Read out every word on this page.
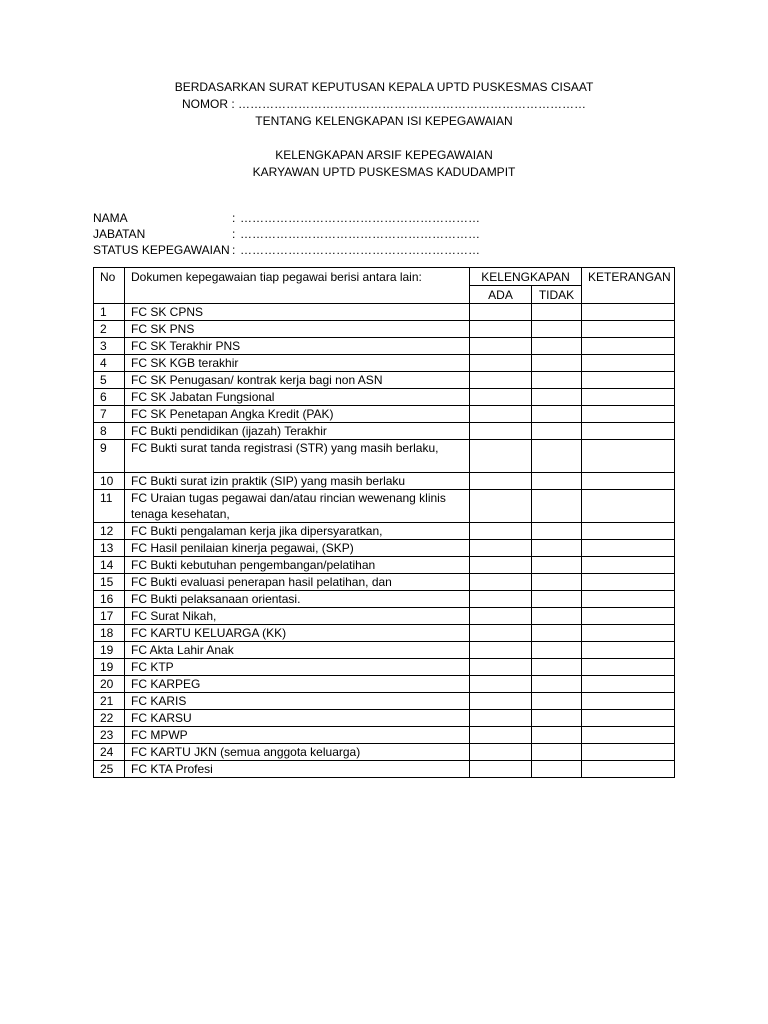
BERDASARKAN SURAT KEPUTUSAN KEPALA UPTD PUSKESMAS CISAAT
NOMOR : ……………………………………………………………………………
TENTANG KELENGKAPAN ISI KEPEGAWAIAN
KELENGKAPAN ARSIF KEPEGAWAIAN
KARYAWAN UPTD PUSKESMAS KADUDAMPIT
NAMA	: ……………………………………………………
JABATAN	: ……………………………………………………
STATUS KEPEGAWAIAN : ……………………………………………………
No	Dokumen kepegawaian tiap pegawai berisi antara lain:	KELENGKAPAN		KETERANGAN
		ADA	TIDAK	
1	FC SK CPNS			
2	FC SK PNS			
3	FC SK Terakhir PNS			
4	FC SK KGB terakhir			
5	FC SK Penugasan/ kontrak kerja bagi non ASN			
6	FC SK Jabatan Fungsional			
7	FC SK Penetapan Angka Kredit (PAK)			
8	FC Bukti pendidikan (ijazah) Terakhir			
9	FC Bukti surat tanda registrasi (STR) yang masih berlaku,			
10	FC Bukti surat izin praktik (SIP) yang masih berlaku			
11	FC Uraian tugas pegawai dan/atau rincian wewenang klinis tenaga kesehatan,			
12	FC Bukti pengalaman kerja jika dipersyaratkan,			
13	FC Hasil penilaian kinerja pegawai, (SKP)			
14	FC Bukti kebutuhan pengembangan/pelatihan			
15	FC Bukti evaluasi penerapan hasil pelatihan, dan			
16	FC Bukti pelaksanaan orientasi.			
17	FC Surat Nikah,			
18	FC KARTU KELUARGA (KK)			
19	FC Akta Lahir Anak			
19	FC KTP			
20	FC KARPEG			
21	FC KARIS			
22	FC KARSU			
23	FC MPWP			
24	FC KARTU JKN (semua anggota keluarga)			
25	FC KTA Profesi			
